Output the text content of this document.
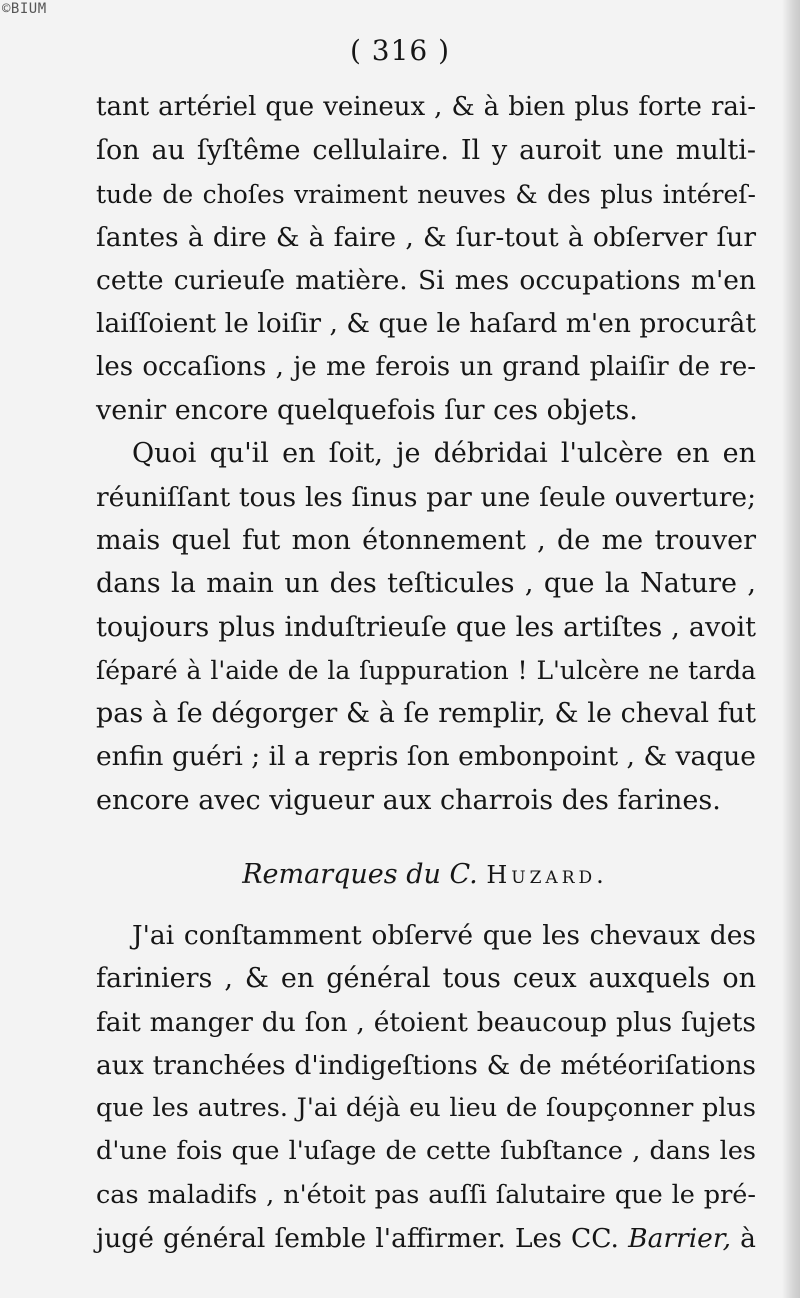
©BIUM
( 316 )
tant artériel que veineux , & à bien plus forte rai-
ſon au ſyſtême cellulaire. Il y auroit une multi-
tude de choſes vraiment neuves & des plus intéreſ-
ſantes à dire & à faire , & ſur-tout à obſerver ſur
cette curieuſe matière. Si mes occupations m'en
laiſſoient le loiſir , & que le haſard m'en procurât
les occaſions , je me ferois un grand plaiſir de re-
venir encore quelquefois ſur ces objets.
Quoi qu'il en ſoit, je débridai l'ulcère en en
réuniſſant tous les ſinus par une ſeule ouverture;
mais quel fut mon étonnement , de me trouver
dans la main un des teſticules , que la Nature ,
toujours plus induſtrieuſe que les artiſtes , avoit
ſéparé à l'aide de la ſuppuration ! L'ulcère ne tarda
pas à ſe dégorger & à ſe remplir, & le cheval fut
enfin guéri ; il a repris ſon embonpoint , & vaque
encore avec vigueur aux charrois des farines.
Remarques du C. Huzard.
J'ai conſtamment obſervé que les chevaux des
fariniers , & en général tous ceux auxquels on
fait manger du ſon , étoient beaucoup plus ſujets
aux tranchées d'indigeſtions & de météoriſations
que les autres. J'ai déjà eu lieu de ſoupçonner plus
d'une fois que l'uſage de cette ſubſtance , dans les
cas maladifs , n'étoit pas auſſi ſalutaire que le pré-
jugé général ſemble l'affirmer. Les CC. Barrier, à
